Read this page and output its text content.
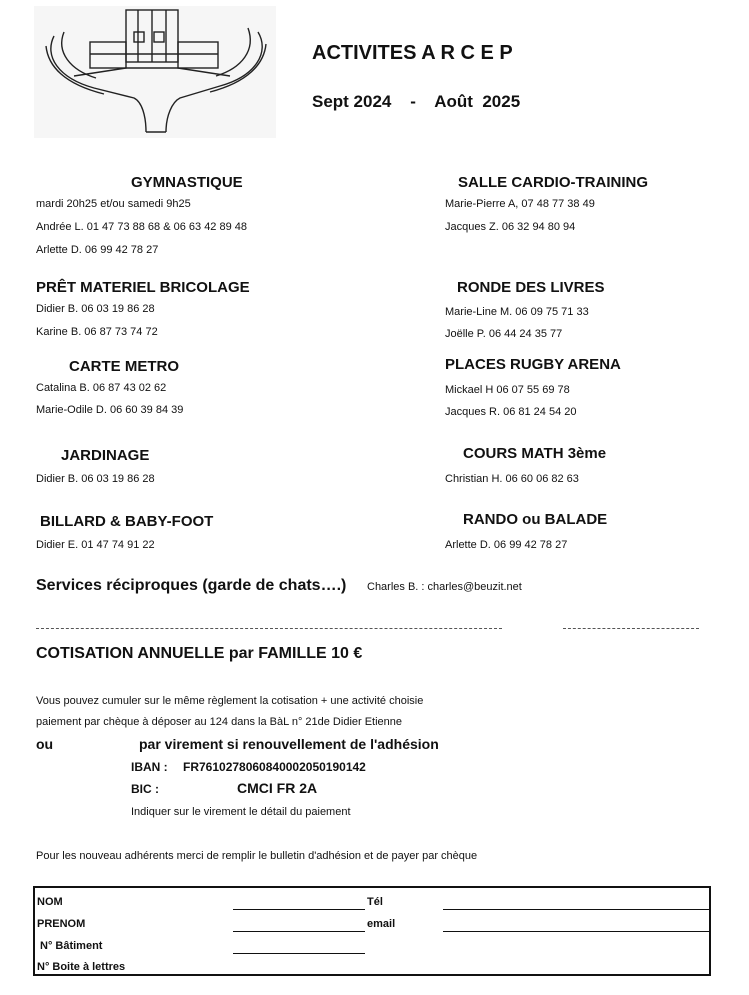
ACTIVITES A R C E P
Sept 2024    -    Août  2025
GYMNASTIQUE
mardi 20h25 et/ou samedi 9h25
Andrée L. 01 47 73 88 68 & 06 63 42 89 48
Arlette D. 06 99 42 78 27
PRÊT MATERIEL BRICOLAGE
Didier B. 06 03 19 86 28
Karine B. 06 87 73 74 72
CARTE METRO
Catalina B. 06 87 43 02 62
Marie-Odile D. 06 60 39 84 39
JARDINAGE
Didier B. 06 03 19 86 28
BILLARD & BABY-FOOT
Didier E. 01 47 74 91 22
SALLE CARDIO-TRAINING
Marie-Pierre A, 07 48 77 38 49
Jacques Z. 06 32 94 80 94
RONDE DES LIVRES
Marie-Line M. 06 09 75 71 33
Joëlle P. 06 44 24 35 77
PLACES RUGBY ARENA
Mickael H 06 07 55 69 78
Jacques R. 06 81 24 54 20
COURS MATH 3ème
Christian H. 06 60 06 82 63
RANDO ou BALADE
Arlette D. 06 99 42 78 27
Services réciproques (garde de chats….) Charles B. : charles@beuzit.net
COTISATION ANNUELLE par FAMILLE 10 €
Vous pouvez cumuler sur le même règlement la cotisation + une activité choisie
paiement par chèque à déposer au 124 dans la BàL n° 21de Didier Etienne
ou	par virement si renouvellement de l'adhésion
IBAN : FR7610278060840002050190142
BIC :	CMCI FR 2A
Indiquer sur le virement le détail du paiement
Pour les nouveau adhérents merci de remplir le bulletin d'adhésion et de payer par chèque
NOM	Tél
PRENOM	email
N° Bâtiment
N° Boite à lettres
